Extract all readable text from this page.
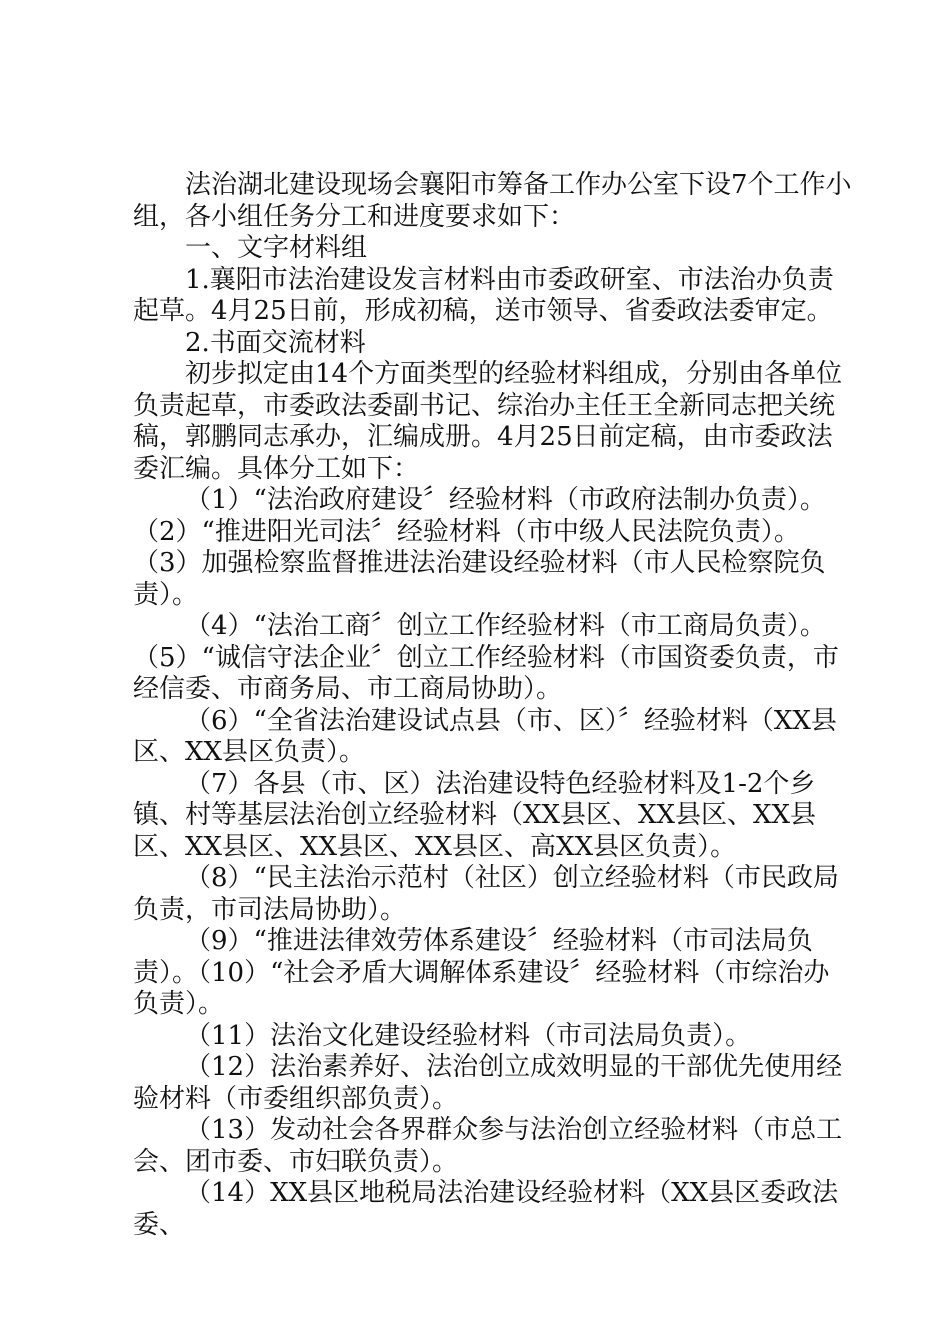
法治湖北建设现场会襄阳市筹备工作办公室下设7个工作小组，各小组任务分工和进度要求如下：

一、文字材料组

1.襄阳市法治建设发言材料由市委政研室、市法治办负责起草。4月25日前，形成初稿，送市领导、省委政法委审定。

2.书面交流材料

初步拟定由14个方面类型的经验材料组成，分别由各单位负责起草，市委政法委副书记、综治办主任王全新同志把关统稿，郭鹏同志承办，汇编成册。4月25日前定稿，由市委政法委汇编。具体分工如下：

（1）“法治政府建设〞经验材料（市政府法制办负责）。

（2）“推进阳光司法〞经验材料（市中级人民法院负责）。

（3）加强检察监督推进法治建设经验材料（市人民检察院负责）。

（4）“法治工商〞创立工作经验材料（市工商局负责）。

（5）“诚信守法企业〞创立工作经验材料（市国资委负责，市经信委、市商务局、市工商局协助）。

（6）“全省法治建设试点县（市、区）〞经验材料（XX县区、XX县区负责）。

（7）各县（市、区）法治建设特色经验材料及1-2个乡镇、村等基层法治创立经验材料（XX县区、XX县区、XX县区、XX县区、XX县区、XX县区、高XX县区负责）。

（8）“民主法治示范村（社区）创立经验材料（市民政局负责，市司法局协助）。

（9）“推进法律效劳体系建设〞经验材料（市司法局负责）。（10）“社会矛盾大调解体系建设〞经验材料（市综治办负责）。

（11）法治文化建设经验材料（市司法局负责）。

（12）法治素养好、法治创立成效明显的干部优先使用经验材料（市委组织部负责）。

（13）发动社会各界群众参与法治创立经验材料（市总工会、团市委、市妇联负责）。

（14）XX县区地税局法治建设经验材料（XX县区委政法委、
